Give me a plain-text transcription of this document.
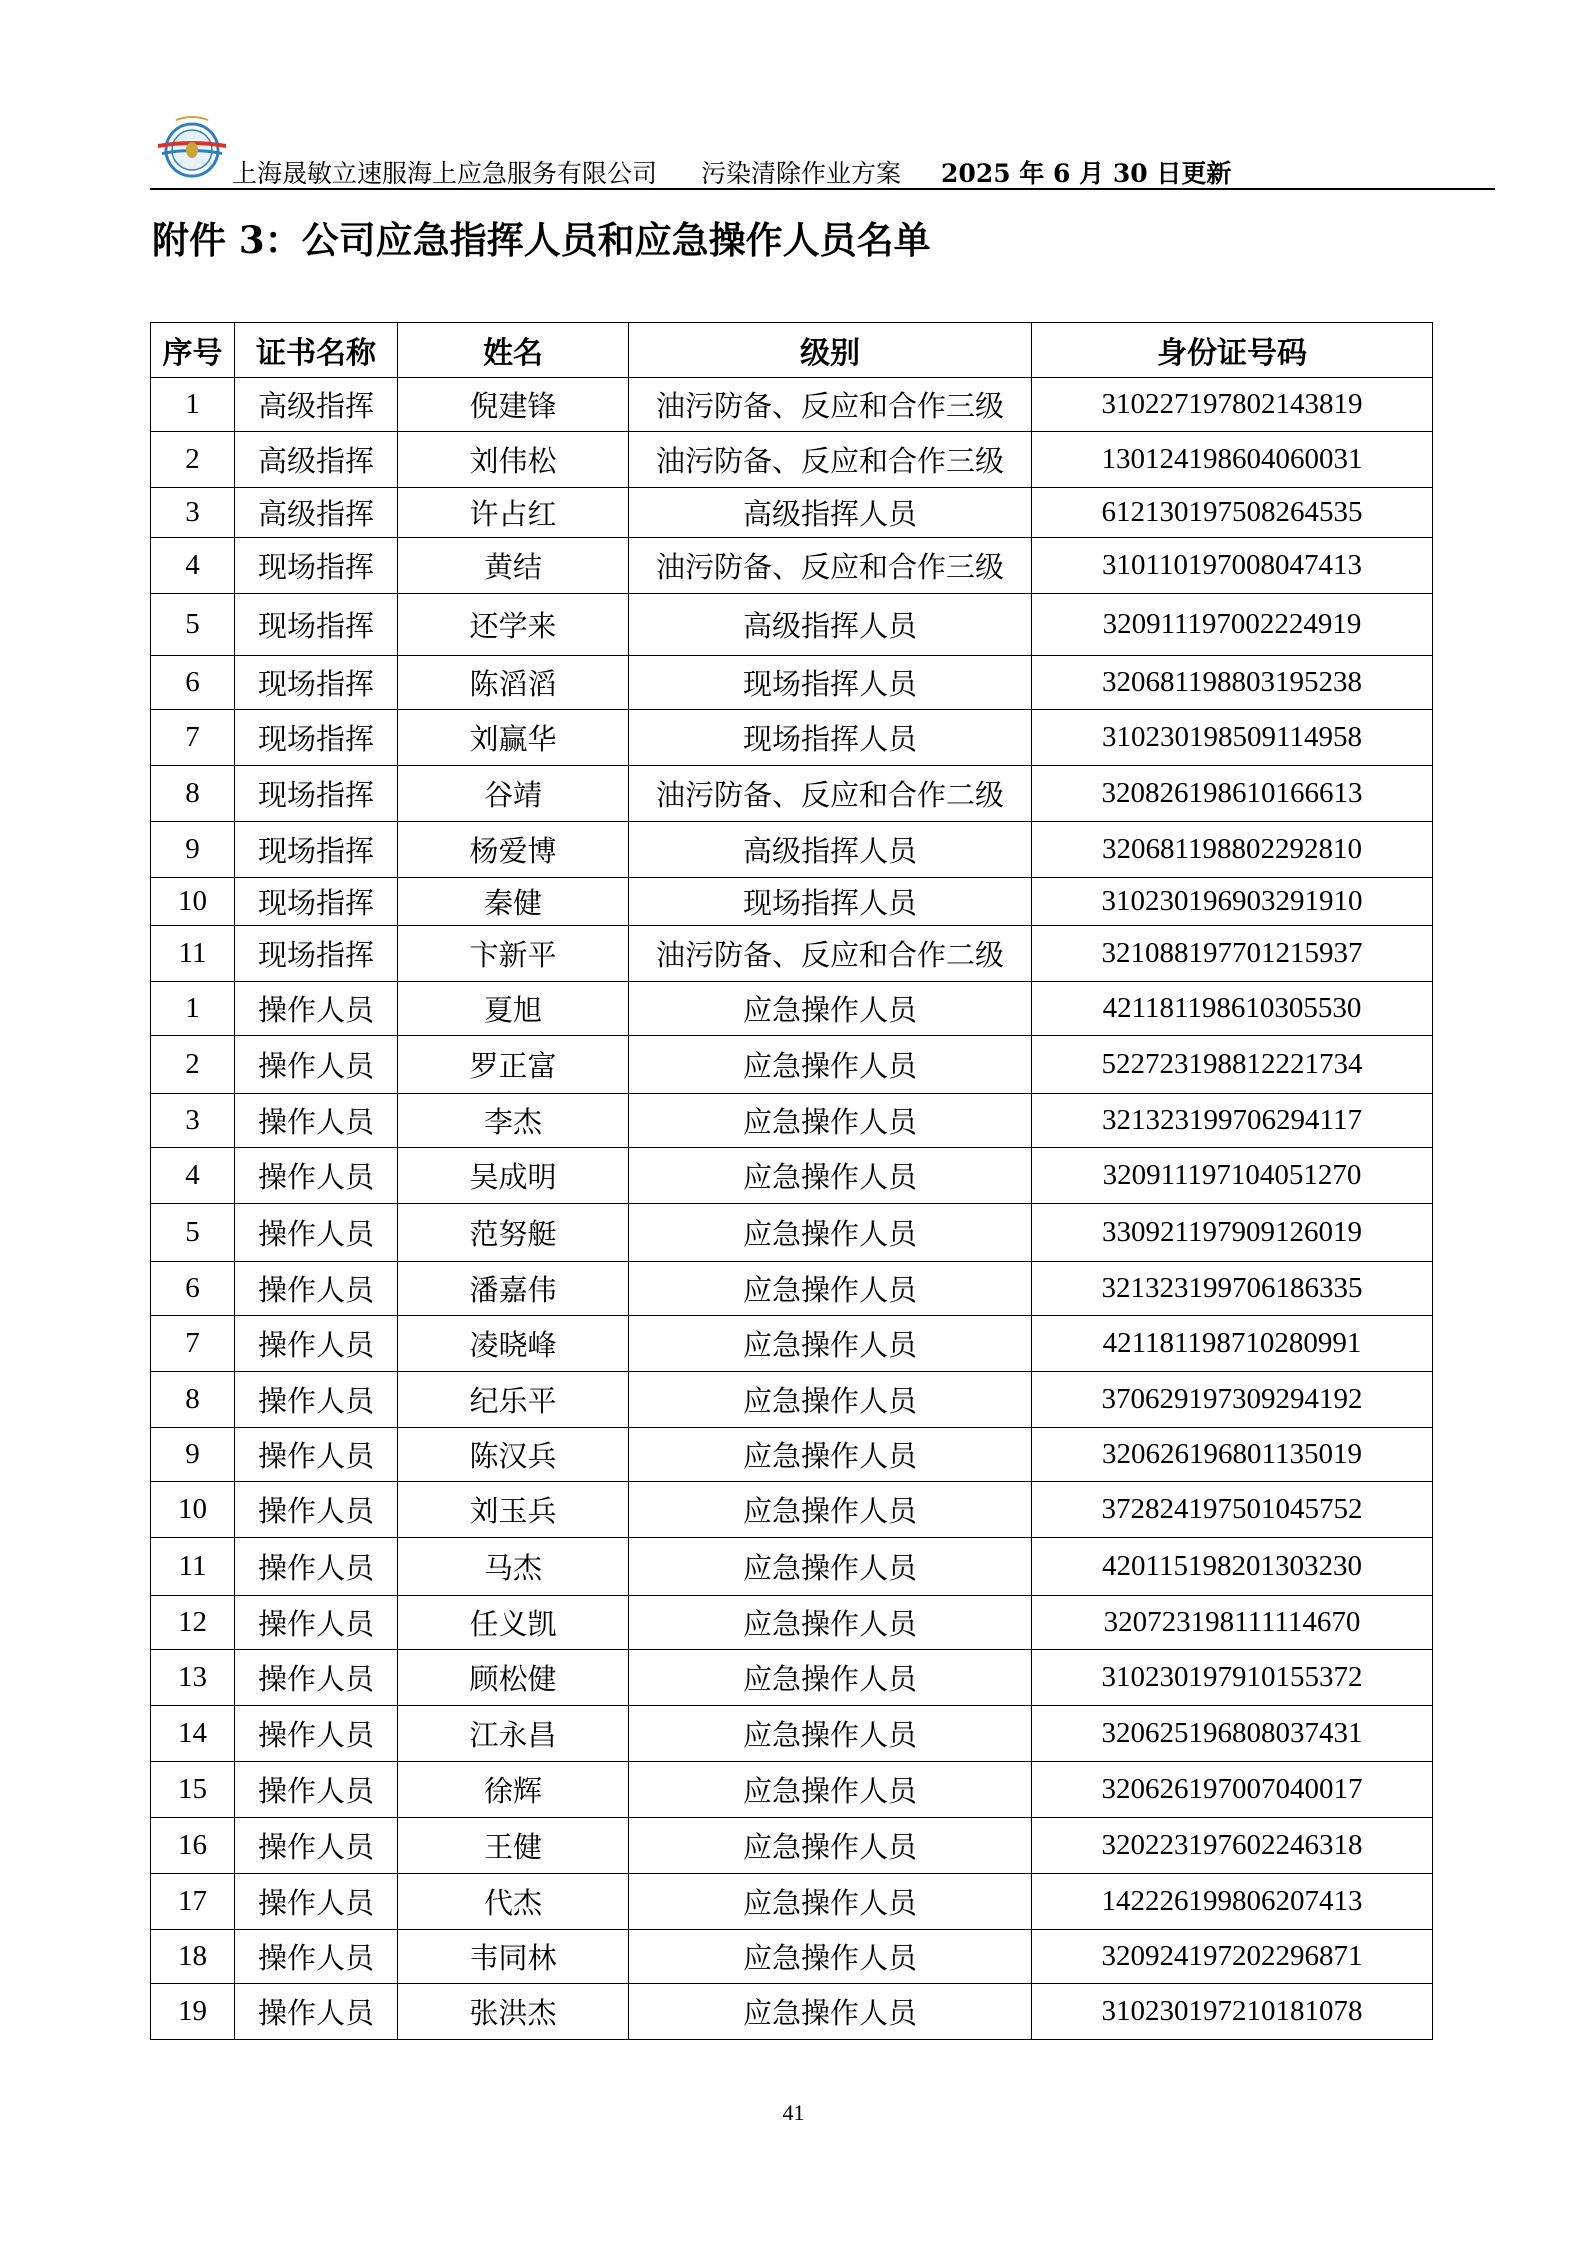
上海晟敏立速服海上应急服务有限公司 污染清除作业方案 2025 年 6 月 30 日更新
附件 3：公司应急指挥人员和应急操作人员名单
序号	证书名称	姓名	级别	身份证号码
1	高级指挥	倪建锋	油污防备、反应和合作三级	310227197802143819
2	高级指挥	刘伟松	油污防备、反应和合作三级	130124198604060031
3	高级指挥	许占红	高级指挥人员	612130197508264535
4	现场指挥	黄结	油污防备、反应和合作三级	310110197008047413
5	现场指挥	还学来	高级指挥人员	320911197002224919
6	现场指挥	陈滔滔	现场指挥人员	320681198803195238
7	现场指挥	刘赢华	现场指挥人员	310230198509114958
8	现场指挥	谷靖	油污防备、反应和合作二级	320826198610166613
9	现场指挥	杨爱博	高级指挥人员	320681198802292810
10	现场指挥	秦健	现场指挥人员	310230196903291910
11	现场指挥	卞新平	油污防备、反应和合作二级	321088197701215937
1	操作人员	夏旭	应急操作人员	421181198610305530
2	操作人员	罗正富	应急操作人员	522723198812221734
3	操作人员	李杰	应急操作人员	321323199706294117
4	操作人员	吴成明	应急操作人员	320911197104051270
5	操作人员	范努艇	应急操作人员	330921197909126019
6	操作人员	潘嘉伟	应急操作人员	321323199706186335
7	操作人员	凌晓峰	应急操作人员	421181198710280991
8	操作人员	纪乐平	应急操作人员	370629197309294192
9	操作人员	陈汉兵	应急操作人员	320626196801135019
10	操作人员	刘玉兵	应急操作人员	372824197501045752
11	操作人员	马杰	应急操作人员	420115198201303230
12	操作人员	任义凯	应急操作人员	320723198111114670
13	操作人员	顾松健	应急操作人员	310230197910155372
14	操作人员	江永昌	应急操作人员	320625196808037431
15	操作人员	徐辉	应急操作人员	320626197007040017
16	操作人员	王健	应急操作人员	320223197602246318
17	操作人员	代杰	应急操作人员	142226199806207413
18	操作人员	韦同林	应急操作人员	320924197202296871
19	操作人员	张洪杰	应急操作人员	310230197210181078
41
